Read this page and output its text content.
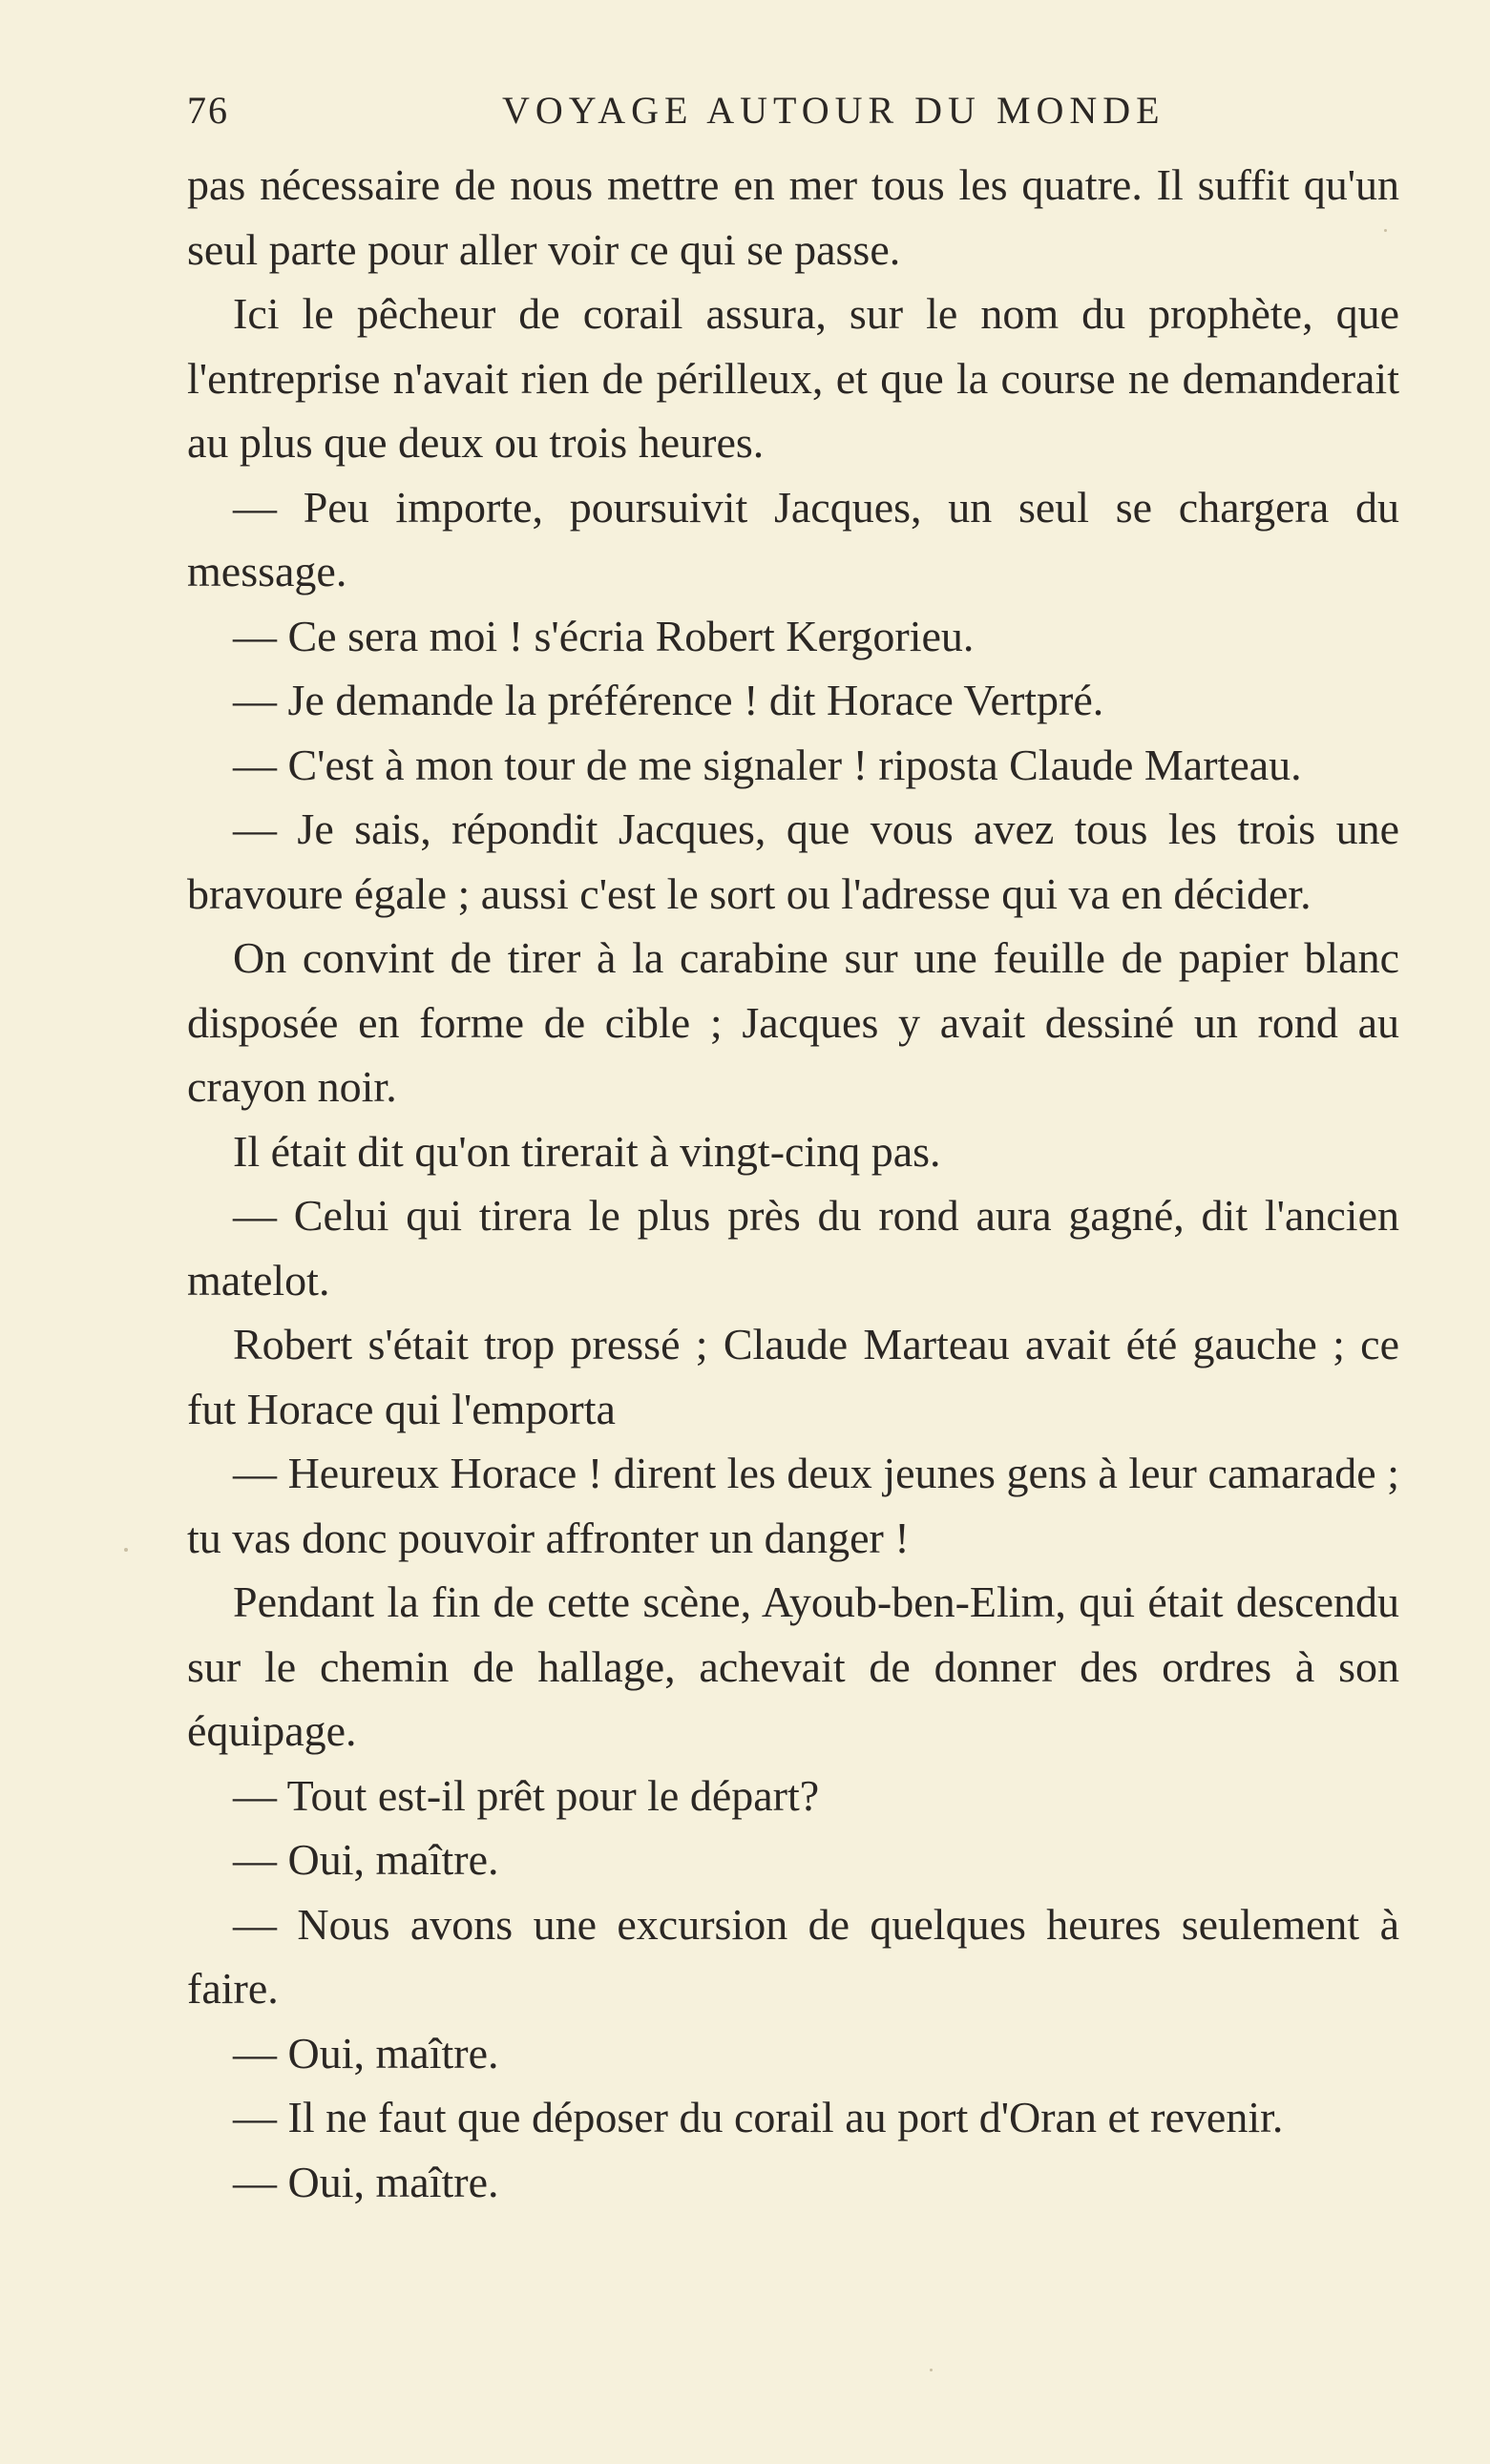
76	VOYAGE AUTOUR DU MONDE

pas nécessaire de nous mettre en mer tous les quatre. Il suffit qu'un seul parte pour aller voir ce qui se passe.

Ici le pêcheur de corail assura, sur le nom du prophète, que l'entreprise n'avait rien de périlleux, et que la course ne demanderait au plus que deux ou trois heures.

— Peu importe, poursuivit Jacques, un seul se chargera du message.

— Ce sera moi ! s'écria Robert Kergorieu.

— Je demande la préférence ! dit Horace Vertpré.

— C'est à mon tour de me signaler ! riposta Claude Marteau.

— Je sais, répondit Jacques, que vous avez tous les trois une bravoure égale ; aussi c'est le sort ou l'adresse qui va en décider.

On convint de tirer à la carabine sur une feuille de papier blanc disposée en forme de cible ; Jacques y avait dessiné un rond au crayon noir.

Il était dit qu'on tirerait à vingt-cinq pas.

— Celui qui tirera le plus près du rond aura gagné, dit l'ancien matelot.

Robert s'était trop pressé ; Claude Marteau avait été gauche ; ce fut Horace qui l'emporta

— Heureux Horace ! dirent les deux jeunes gens à leur camarade ; tu vas donc pouvoir affronter un danger !

Pendant la fin de cette scène, Ayoub-ben-Elim, qui était descendu sur le chemin de hallage, achevait de donner des ordres à son équipage.

— Tout est-il prêt pour le départ?

— Oui, maître.

— Nous avons une excursion de quelques heures seulement à faire.

— Oui, maître.

— Il ne faut que déposer du corail au port d'Oran et revenir.

— Oui, maître.
